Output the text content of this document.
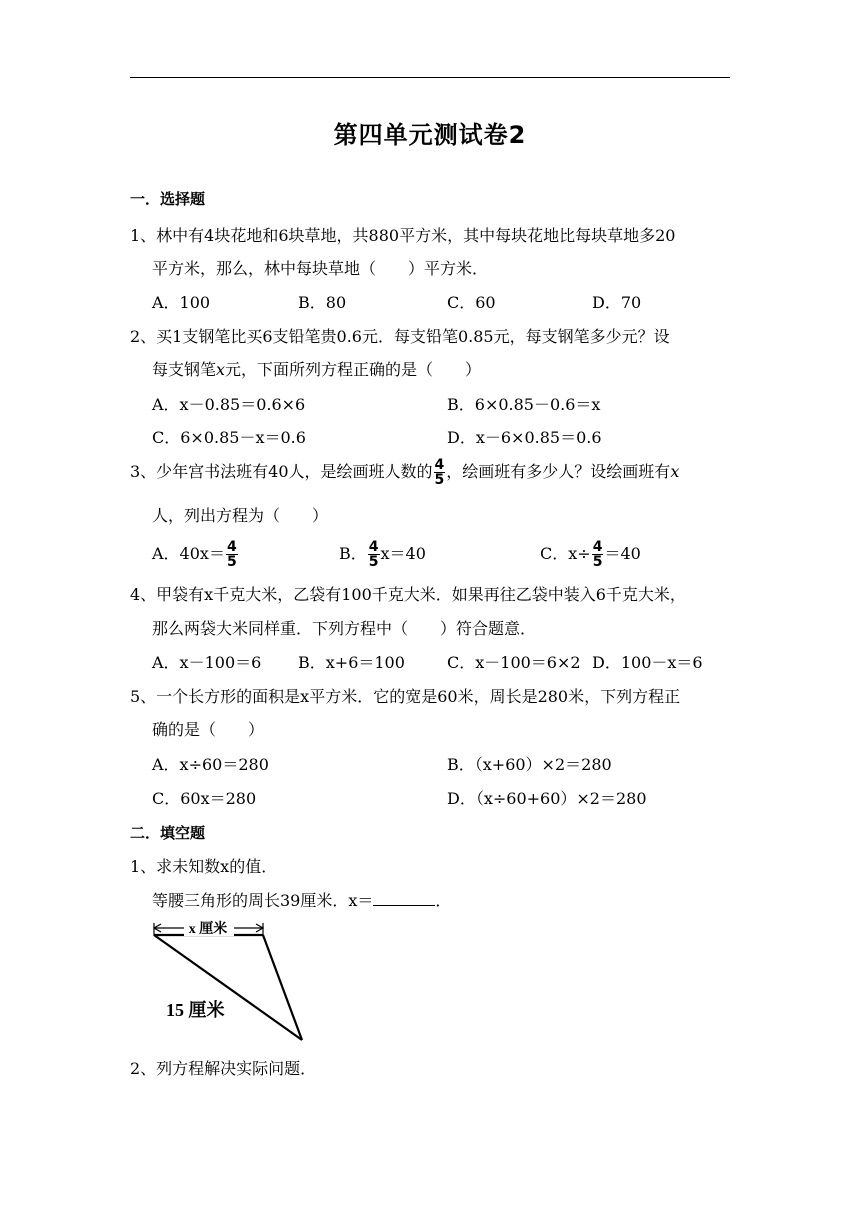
第四单元测试卷2
一．选择题
1、林中有4块花地和6块草地，共880平方米，其中每块花地比每块草地多20
平方米，那么，林中每块草地（　　）平方米．
A．100	B．80	C．60	D．70
2、买1支钢笔比买6支铅笔贵0.6元．每支铅笔0.85元，每支钢笔多少元？设
每支钢笔x元，下面所列方程正确的是（　　）
A．x－0.85＝0.6×6	B．6×0.85－0.6＝x
C．6×0.85－x＝0.6	D．x－6×0.85＝0.6
3、少年宫书法班有40人，是绘画班人数的 $\frac{4}{5}$ ，绘画班有多少人？设绘画班有x
人，列出方程为（　　）
A．$40x= \frac{4}{5}$	B． $\frac{4}{5} x=40$	C．$x\div \frac{4}{5} =40$
4、甲袋有x千克大米，乙袋有100千克大米．如果再往乙袋中装入6千克大米，
那么两袋大米同样重．下列方程中（　　）符合题意．
A．x－100＝6 B．x+6＝100	C．x－100＝6×2 D．100－x＝6
5、一个长方形的面积是x平方米．它的宽是60米，周长是280米，下列方程正
确的是（　　）
A．x÷60＝280	B．（x+60）×2＝280
C．60x＝280	D．（x÷60+60）×2＝280
二．填空题
1、求未知数x的值．
等腰三角形的周长39厘米．x＝	．
x 厘米
15 厘米
2、列方程解决实际问题．
